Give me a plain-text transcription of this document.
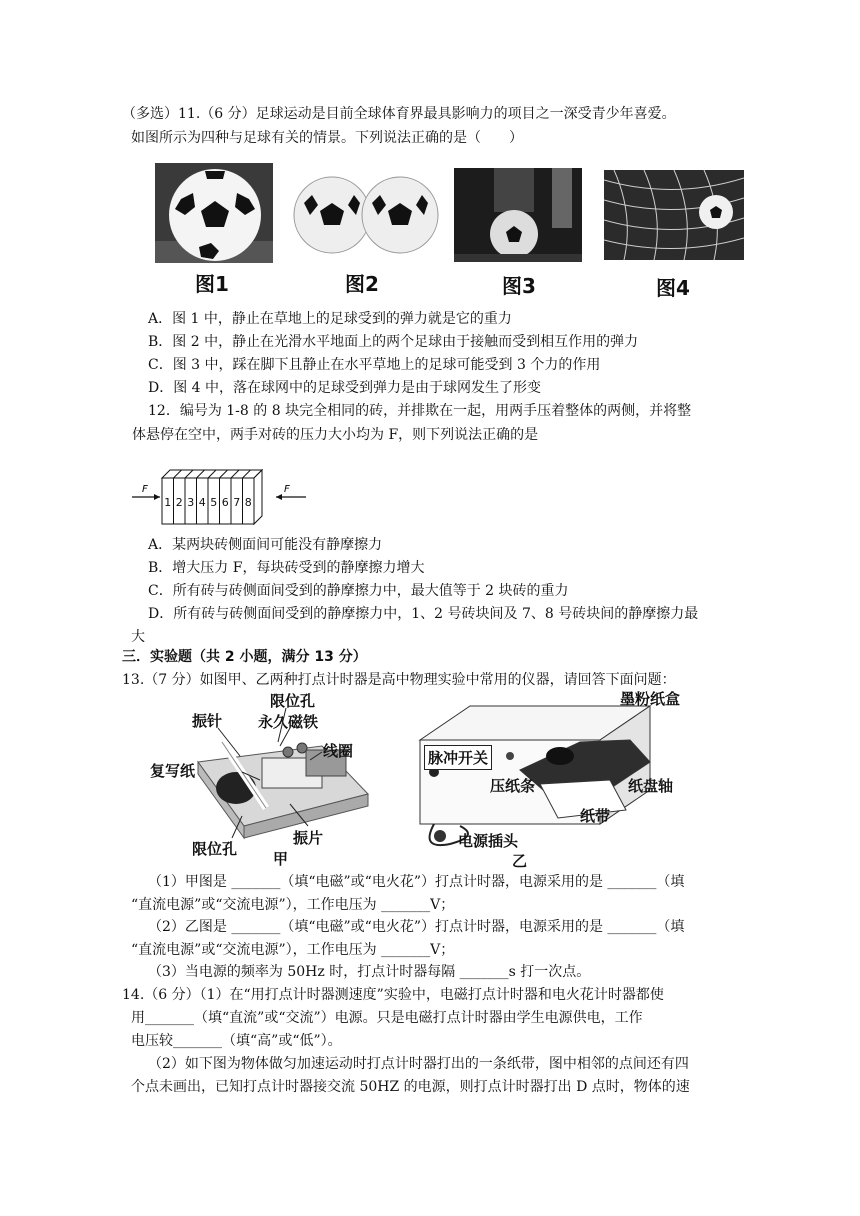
（多选）11.（6 分）足球运动是目前全球体育界最具影响力的项目之一深受青少年喜爱。
如图所示为四种与足球有关的情景。下列说法正确的是（　　）
图1	图2	图3	图4
A．图 1 中，静止在草地上的足球受到的弹力就是它的重力
B．图 2 中，静止在光滑水平地面上的两个足球由于接触而受到相互作用的弹力
C．图 3 中，踩在脚下且静止在水平草地上的足球可能受到 3 个力的作用
D．图 4 中，落在球网中的足球受到弹力是由于球网发生了形变
12．编号为 1-8 的 8 块完全相同的砖，并排欺在一起，用两手压着整体的两侧，并将整
体悬停在空中，两手对砖的压力大小均为 F，则下列说法正确的是
F	F
1 2 3 4 5 6 7 8
A．某两块砖侧面间可能没有静摩擦力
B．增大压力 F，每块砖受到的静摩擦力增大
C．所有砖与砖侧面间受到的静摩擦力中，最大值等于 2 块砖的重力
D．所有砖与砖侧面间受到的静摩擦力中，1、2 号砖块间及 7、8 号砖块间的静摩擦力最
大
三．实验题（共 2 小题，满分 13 分）
13.（7 分）如图甲、乙两种打点计时器是高中物理实验中常用的仪器，请回答下面问题：
限位孔
振针 永久磁铁
线圈
复写纸
限位孔
振片
甲
墨粉纸盒
脉冲开关
压纸条	纸盘轴
纸带
电源插头
乙
（1）甲图是 _______（填“电磁”或“电火花”）打点计时器，电源采用的是 _______（填
“直流电源”或“交流电源”），工作电压为 _______V；
（2）乙图是 _______（填“电磁”或“电火花”）打点计时器，电源采用的是 _______（填
“直流电源”或“交流电源”），工作电压为 _______V；
（3）当电源的频率为 50Hz 时，打点计时器每隔 _______s 打一次点。
14.（6 分）（1）在“用打点计时器测速度”实验中，电磁打点计时器和电火花计时器都使
用_______（填“直流”或“交流”）电源。只是电磁打点计时器由学生电源供电，工作
电压较_______（填“高”或“低”）。
（2）如下图为物体做匀加速运动时打点计时器打出的一条纸带，图中相邻的点间还有四
个点未画出，已知打点计时器接交流 50HZ 的电源，则打点计时器打出 D 点时，物体的速
